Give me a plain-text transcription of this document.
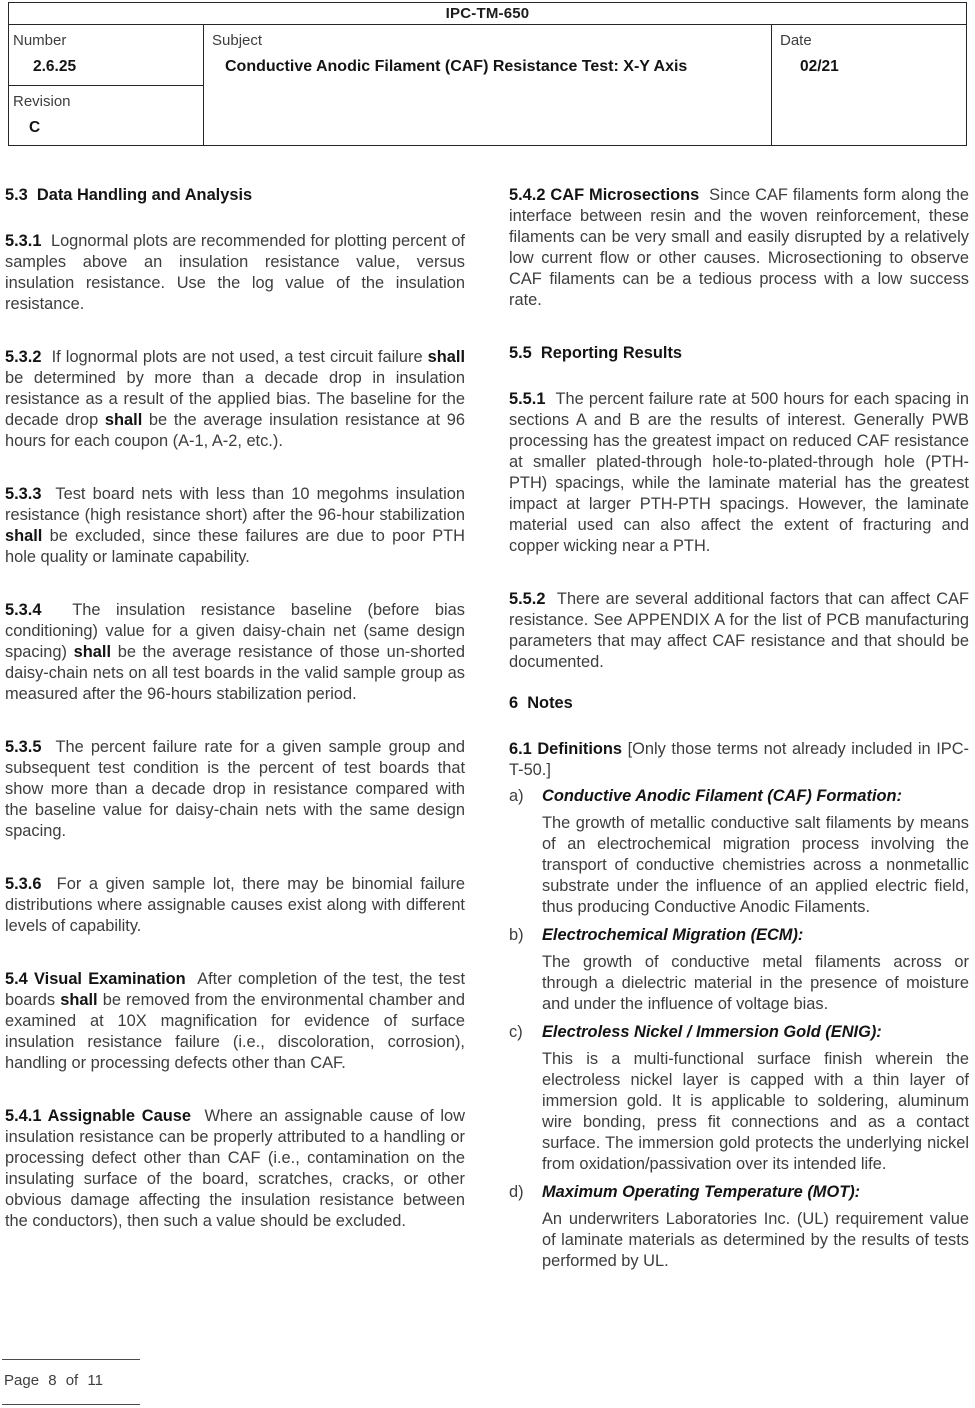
IPC-TM-650
Number
2.6.25
Revision
C
Subject
Conductive Anodic Filament (CAF) Resistance Test: X-Y Axis
Date
02/21
5.3  Data Handling and Analysis

5.3.1  Lognormal plots are recommended for plotting percent of samples above an insulation resistance value, versus insulation resistance. Use the log value of the insulation resistance.

5.3.2  If lognormal plots are not used, a test circuit failure shall be determined by more than a decade drop in insulation resistance as a result of the applied bias. The baseline for the decade drop shall be the average insulation resistance at 96 hours for each coupon (A-1, A-2, etc.).

5.3.3  Test board nets with less than 10 megohms insulation resistance (high resistance short) after the 96-hour stabilization shall be excluded, since these failures are due to poor PTH hole quality or laminate capability.

5.3.4  The insulation resistance baseline (before bias conditioning) value for a given daisy-chain net (same design spacing) shall be the average resistance of those un-shorted daisy-chain nets on all test boards in the valid sample group as measured after the 96-hours stabilization period.

5.3.5  The percent failure rate for a given sample group and subsequent test condition is the percent of test boards that show more than a decade drop in resistance compared with the baseline value for daisy-chain nets with the same design spacing.

5.3.6  For a given sample lot, there may be binomial failure distributions where assignable causes exist along with different levels of capability.

5.4 Visual Examination  After completion of the test, the test boards shall be removed from the environmental chamber and examined at 10X magnification for evidence of surface insulation resistance failure (i.e., discoloration, corrosion), handling or processing defects other than CAF.

5.4.1 Assignable Cause  Where an assignable cause of low insulation resistance can be properly attributed to a handling or processing defect other than CAF (i.e., contamination on the insulating surface of the board, scratches, cracks, or other obvious damage affecting the insulation resistance between the conductors), then such a value should be excluded.

5.4.2 CAF Microsections  Since CAF filaments form along the interface between resin and the woven reinforcement, these filaments can be very small and easily disrupted by a relatively low current flow or other causes. Microsectioning to observe CAF filaments can be a tedious process with a low success rate.

5.5  Reporting Results

5.5.1  The percent failure rate at 500 hours for each spacing in sections A and B are the results of interest. Generally PWB processing has the greatest impact on reduced CAF resistance at smaller plated-through hole-to-plated-through hole (PTH-PTH) spacings, while the laminate material has the greatest impact at larger PTH-PTH spacings. However, the laminate material used can also affect the extent of fracturing and copper wicking near a PTH.

5.5.2  There are several additional factors that can affect CAF resistance. See APPENDIX A for the list of PCB manufacturing parameters that may affect CAF resistance and that should be documented.

6  Notes

6.1 Definitions [Only those terms not already included in IPC-T-50.]

a)	Conductive Anodic Filament (CAF) Formation:

The growth of metallic conductive salt filaments by means of an electrochemical migration process involving the transport of conductive chemistries across a nonmetallic substrate under the influence of an applied electric field, thus producing Conductive Anodic Filaments.

b)	Electrochemical Migration (ECM):

The growth of conductive metal filaments across or through a dielectric material in the presence of moisture and under the influence of voltage bias.

c)	Electroless Nickel / Immersion Gold (ENIG):

This is a multi-functional surface finish wherein the electroless nickel layer is capped with a thin layer of immersion gold. It is applicable to soldering, aluminum wire bonding, press fit connections and as a contact surface. The immersion gold protects the underlying nickel from oxidation/passivation over its intended life.

d)	Maximum Operating Temperature (MOT):

An underwriters Laboratories Inc. (UL) requirement value of laminate materials as determined by the results of tests performed by UL.

Page 8 of 11
